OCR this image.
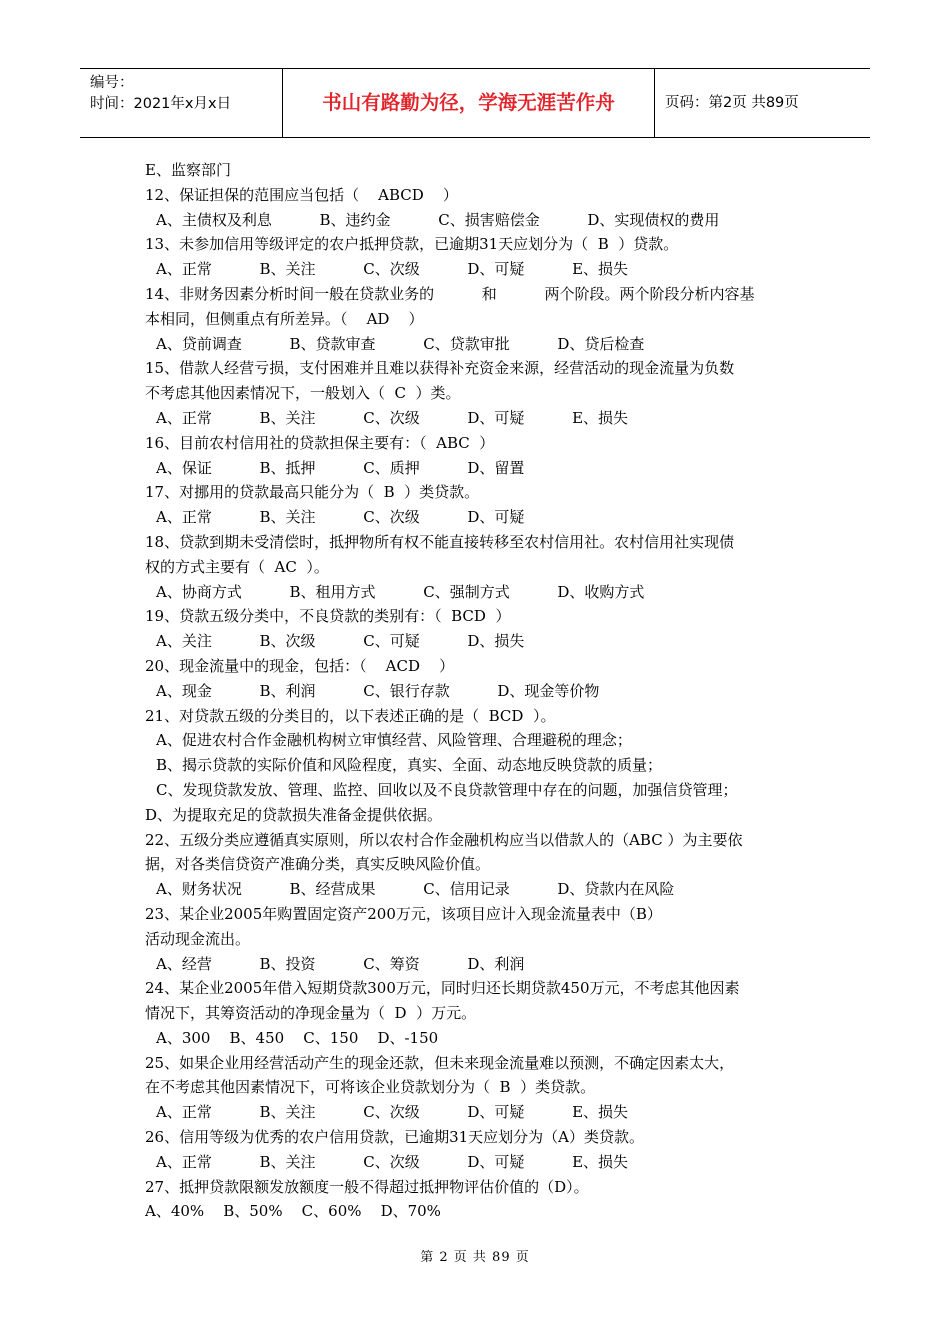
编号：
时间：2021年x月x日	书山有路勤为径，学海无涯苦作舟	页码：第2页 共89页
E、监察部门
12、保证担保的范围应当包括（    ABCD    ）
A、主债权及利息          B、违约金          C、损害赔偿金          D、实现债权的费用
13、未参加信用等级评定的农户抵押贷款，已逾期31天应划分为（  B  ）贷款。
A、正常          B、关注          C、次级          D、可疑          E、损失
14、非财务因素分析时间一般在贷款业务的          和          两个阶段。两个阶段分析内容基
本相同，但侧重点有所差异。（    AD    ）
A、贷前调查          B、贷款审查          C、贷款审批          D、贷后检查
15、借款人经营亏损，支付困难并且难以获得补充资金来源，经营活动的现金流量为负数
不考虑其他因素情况下，一般划入（  C  ）类。
A、正常          B、关注          C、次级          D、可疑          E、损失
16、目前农村信用社的贷款担保主要有：（  ABC  ）
A、保证          B、抵押          C、质押          D、留置
17、对挪用的贷款最高只能分为（  B  ）类贷款。
A、正常          B、关注          C、次级          D、可疑
18、贷款到期未受清偿时，抵押物所有权不能直接转移至农村信用社。农村信用社实现债
权的方式主要有（  AC  ）。
A、协商方式          B、租用方式          C、强制方式          D、收购方式
19、贷款五级分类中，不良贷款的类别有：（  BCD  ）
A、关注          B、次级          C、可疑          D、损失
20、现金流量中的现金，包括：（    ACD    ）
A、现金          B、利润          C、银行存款          D、现金等价物
21、对贷款五级的分类目的，以下表述正确的是（  BCD  ）。
A、促进农村合作金融机构树立审慎经营、风险管理、合理避税的理念；
B、揭示贷款的实际价值和风险程度，真实、全面、动态地反映贷款的质量；
C、发现贷款发放、管理、监控、回收以及不良贷款管理中存在的问题，加强信贷管理；
D、为提取充足的贷款损失准备金提供依据。
22、五级分类应遵循真实原则，所以农村合作金融机构应当以借款人的（ABC ）为主要依
据，对各类信贷资产准确分类，真实反映风险价值。
A、财务状况          B、经营成果          C、信用记录          D、贷款内在风险
23、某企业2005年购置固定资产200万元，该项目应计入现金流量表中（B）
活动现金流出。
A、经营          B、投资          C、筹资          D、利润
24、某企业2005年借入短期贷款300万元，同时归还长期贷款450万元，不考虑其他因素
情况下，其筹资活动的净现金量为（  D  ）万元。
A、300    B、450    C、150    D、-150
25、如果企业用经营活动产生的现金还款，但未来现金流量难以预测，不确定因素太大，
在不考虑其他因素情况下，可将该企业贷款划分为（  B  ）类贷款。
A、正常          B、关注          C、次级          D、可疑          E、损失
26、信用等级为优秀的农户信用贷款，已逾期31天应划分为（A）类贷款。
A、正常          B、关注          C、次级          D、可疑          E、损失
27、抵押贷款限额发放额度一般不得超过抵押物评估价值的（D）。
A、40%    B、50%    C、60%    D、70%
第 2 页 共 89 页
